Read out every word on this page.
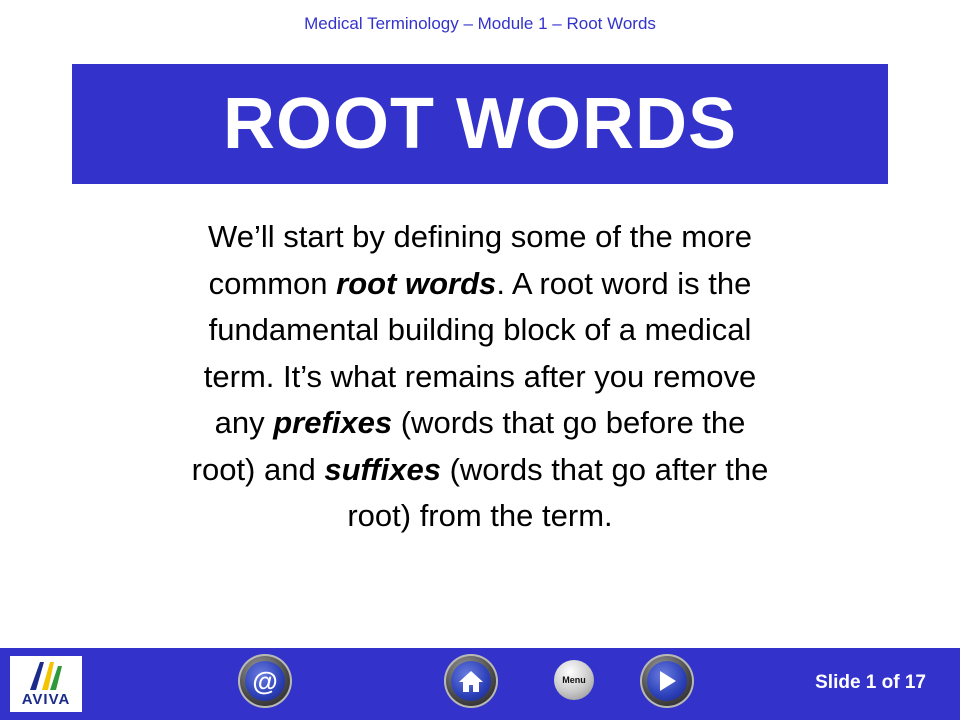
Medical Terminology – Module 1 – Root Words
ROOT WORDS
We’ll start by defining some of the more common root words. A root word is the fundamental building block of a medical term. It’s what remains after you remove any prefixes (words that go before the root) and suffixes (words that go after the root) from the term.
AVIVA
@	Menu	Slide 1 of 17
